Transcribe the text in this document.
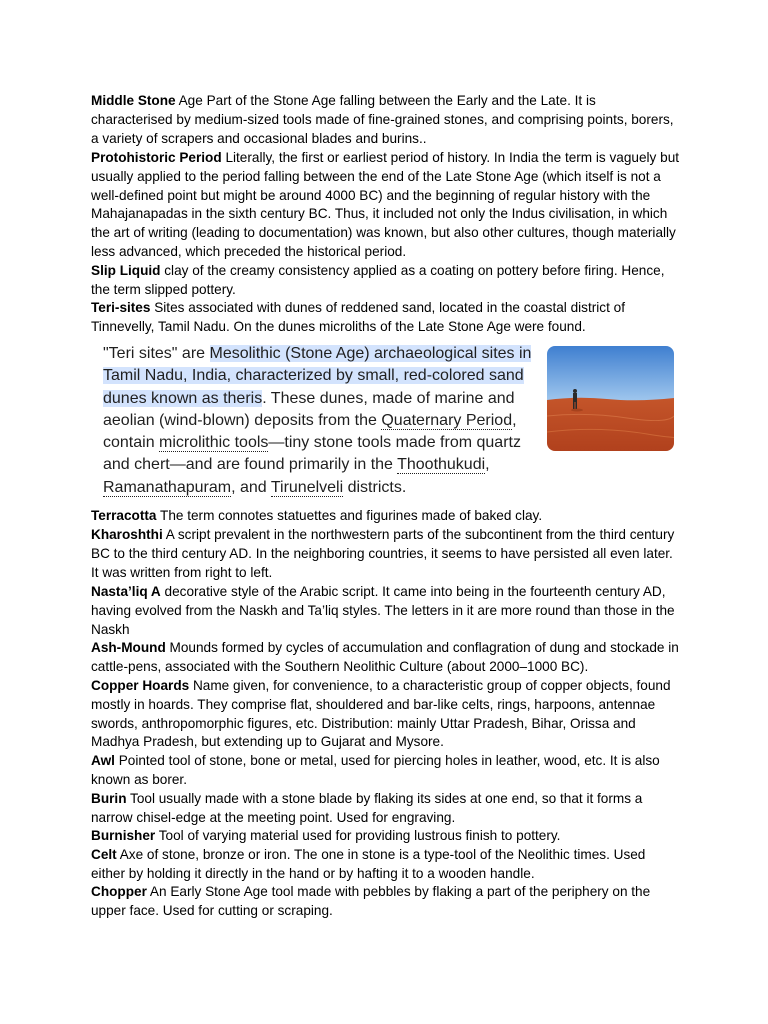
Middle Stone Age Part of the Stone Age falling between the Early and the Late. It is characterised by medium-sized tools made of fine-grained stones, and comprising points, borers, a variety of scrapers and occasional blades and burins..
Protohistoric Period Literally, the first or earliest period of history. In India the term is vaguely but usually applied to the period falling between the end of the Late Stone Age (which itself is not a well-defined point but might be around 4000 BC) and the beginning of regular history with the Mahajanapadas in the sixth century BC. Thus, it included not only the Indus civilisation, in which the art of writing (leading to documentation) was known, but also other cultures, though materially less advanced, which preceded the historical period.
Slip Liquid clay of the creamy consistency applied as a coating on pottery before firing. Hence, the term slipped pottery.
Teri-sites Sites associated with dunes of reddened sand, located in the coastal district of Tinnevelly, Tamil Nadu. On the dunes microliths of the Late Stone Age were found.
"Teri sites" are Mesolithic (Stone Age) archaeological sites in Tamil Nadu, India, characterized by small, red-colored sand dunes known as theris. These dunes, made of marine and aeolian (wind-blown) deposits from the Quaternary Period, contain microlithic tools—tiny stone tools made from quartz and chert—and are found primarily in the Thoothukudi, Ramanathapuram, and Tirunelveli districts.
Terracotta The term connotes statuettes and figurines made of baked clay.
Kharoshthi A script prevalent in the northwestern parts of the subcontinent from the third century BC to the third century AD. In the neighboring countries, it seems to have persisted all even later. It was written from right to left.
Nasta’liq A decorative style of the Arabic script. It came into being in the fourteenth century AD, having evolved from the Naskh and Ta’liq styles. The letters in it are more round than those in the Naskh
Ash-Mound Mounds formed by cycles of accumulation and conflagration of dung and stockade in cattle-pens, associated with the Southern Neolithic Culture (about 2000–1000 BC).
Copper Hoards Name given, for convenience, to a characteristic group of copper objects, found mostly in hoards. They comprise flat, shouldered and bar-like celts, rings, harpoons, antennae swords, anthropomorphic figures, etc. Distribution: mainly Uttar Pradesh, Bihar, Orissa and Madhya Pradesh, but extending up to Gujarat and Mysore.
Awl Pointed tool of stone, bone or metal, used for piercing holes in leather, wood, etc. It is also known as borer.
Burin Tool usually made with a stone blade by flaking its sides at one end, so that it forms a narrow chisel-edge at the meeting point. Used for engraving.
Burnisher Tool of varying material used for providing lustrous finish to pottery.
Celt Axe of stone, bronze or iron. The one in stone is a type-tool of the Neolithic times. Used either by holding it directly in the hand or by hafting it to a wooden handle.
Chopper An Early Stone Age tool made with pebbles by flaking a part of the periphery on the upper face. Used for cutting or scraping.
